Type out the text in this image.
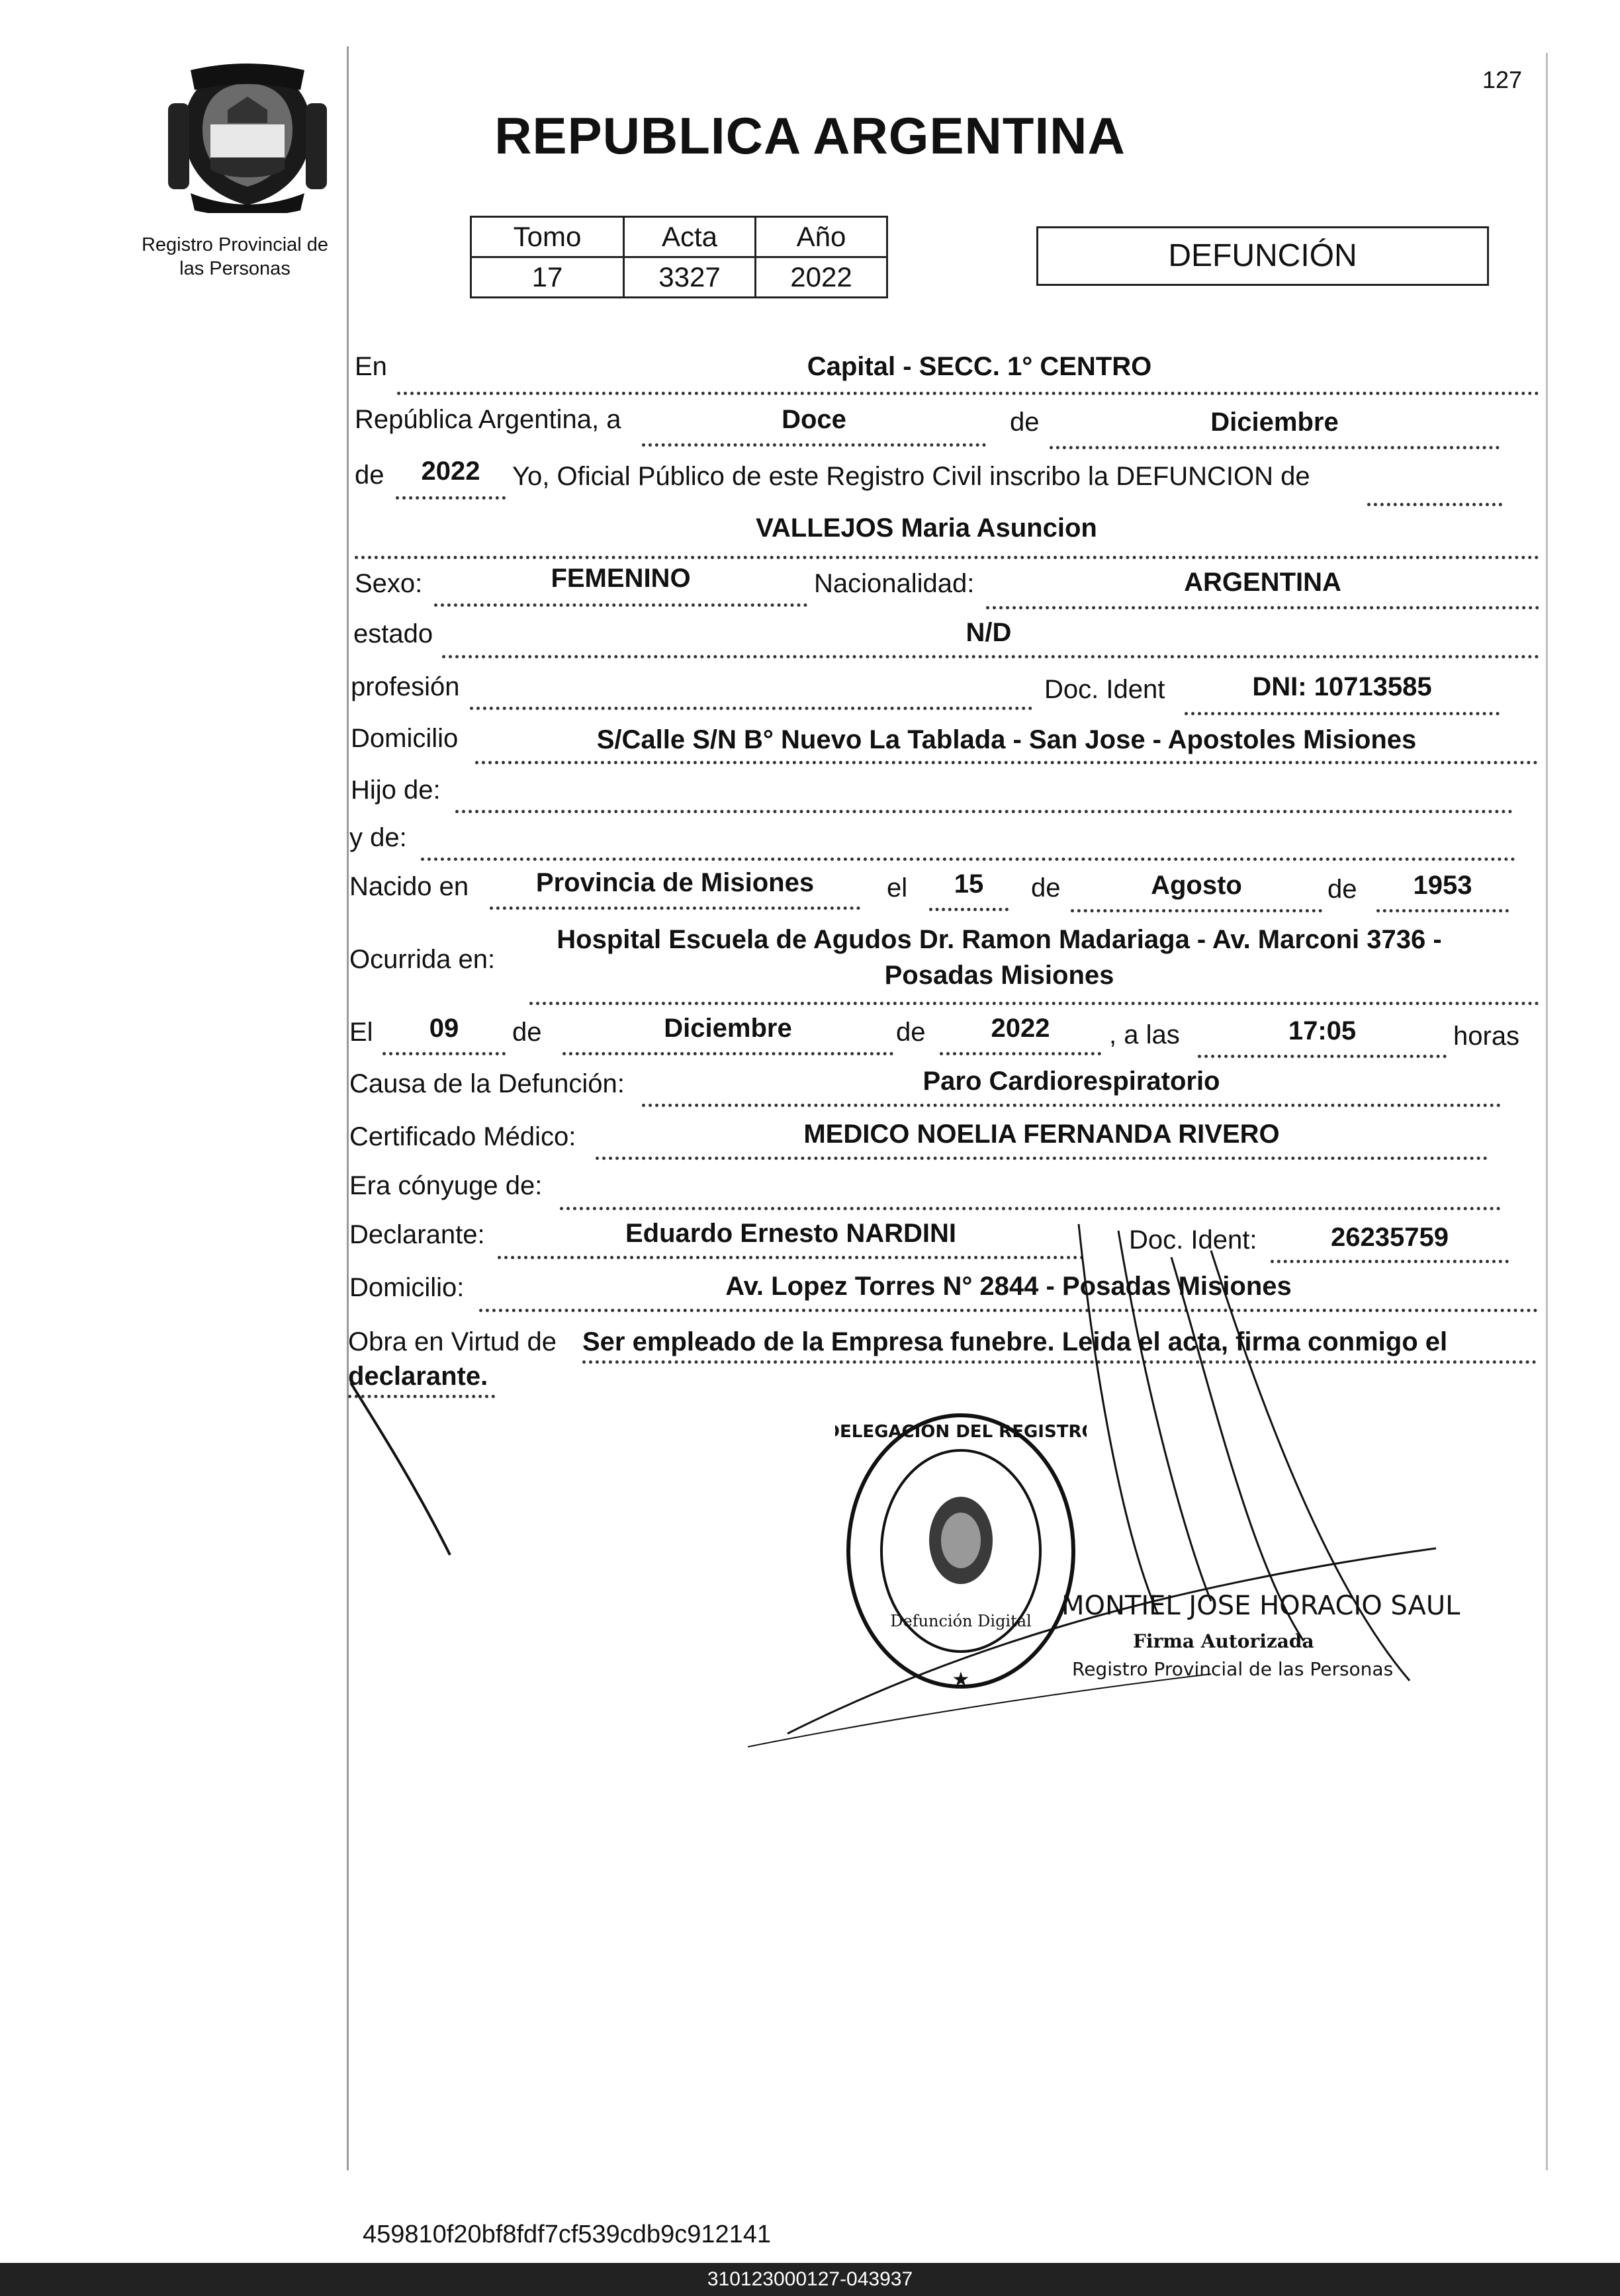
Registro Provincial de
las Personas
127
REPUBLICA ARGENTINA
Tomo	Acta	Año
17	3327	2022
DEFUNCIÓN
En	Capital - SECC. 1° CENTRO
República Argentina, a	Doce	de	Diciembre
de	2022	Yo, Oficial Público de este Registro Civil inscribo la DEFUNCION de
VALLEJOS Maria Asuncion
Sexo:	FEMENINO	Nacionalidad:	ARGENTINA
estado	N/D
profesión	Doc. Ident	DNI: 10713585
Domicilio	S/Calle S/N B° Nuevo La Tablada - San Jose - Apostoles Misiones
Hijo de:
y de:
Nacido en	Provincia de Misiones	el	15	de	Agosto	de	1953
Ocurrida en:
Hospital Escuela de Agudos Dr. Ramon Madariaga - Av. Marconi 3736 -
Posadas Misiones
El	09	de	Diciembre	de	2022	, a las	17:05	horas
Causa de la Defunción:	Paro Cardiorespiratorio
Certificado Médico:	MEDICO NOELIA FERNANDA RIVERO
Era cónyuge de:
Declarante:	Eduardo Ernesto NARDINI	Doc. Ident:	26235759
Domicilio:	Av. Lopez Torres N° 2844 - Posadas Misiones
Obra en Virtud de Ser empleado de la Empresa funebre. Leida el acta, firma conmigo el
declarante.
DELEGACION DEL REGISTRO
Defunción Digital
★
MONTIEL JOSE HORACIO SAUL
Firma Autorizada
Registro Provincial de las Personas
459810f20bf8fdf7cf539cdb9c912141
310123000127-043937
